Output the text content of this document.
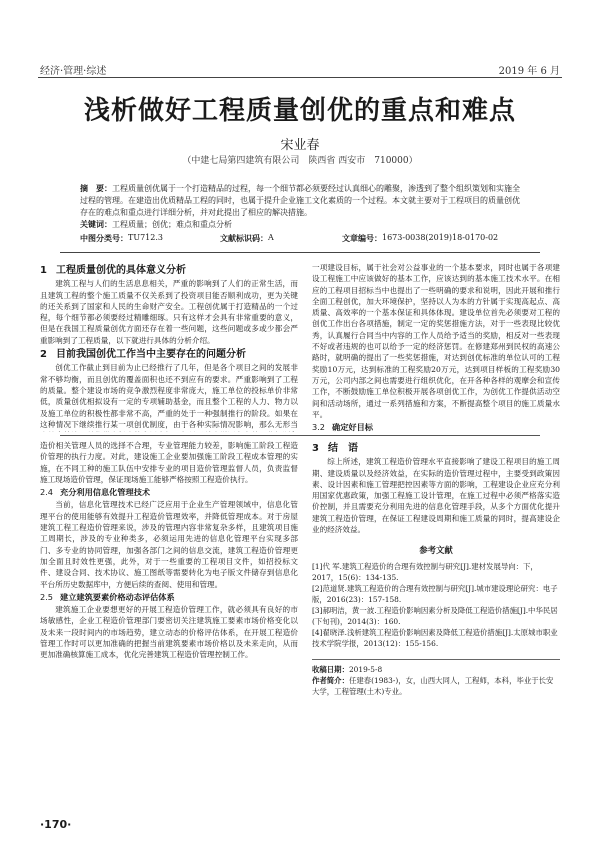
经济·管理·综述	2019 年 6 月
浅析做好工程质量创优的重点和难点
宋业春
（中建七局第四建筑有限公司　陕西省 西安市　710000）
摘　要：工程质量创优属于一个打造精品的过程，每一个细节都必须要经过认真细心的雕聚，渗透到了整个组织策划和实施全过程的管理。在建造出优质精品工程的同时，也属于提升企业施工文化素质的一个过程。本文就主要对于工程项目的质量创优存在的难点和重点进行详细分析，并对此提出了相应的解决措施。
关键词：工程质量；创优；难点和重点分析
中图分类号： TU712.3	文献标识码： A	文章编号： 1673-0038(2019)18-0170-02
1 工程质量创优的具体意义分析

建筑工程与人们的生活息息相关，严重的影响到了人们的正常生活，而且建筑工程的整个施工质量不仅关系到了投资项目能否顺利成功，更为关键的还关系到了国家和人民的生命财产安全。工程创优属于打造精品的一个过程，每个细节都必须要经过精雕细琢。只有这样才会具有非常重要的意义，但是在我国工程质量创优方面还存在着一些问题，这些问题或多或少都会严重影响到了工程质量，以下就进行具体的分析介绍。

2 目前我国创优工作当中主要存在的问题分析

创优工作截止到目前为止已经推行了几年，但是各个项目之间的发展非常不够均衡，而且创优的覆盖面积也还不到应有的要求。严重影响到了工程的质量。整个建设市场的竞争激烈程度非常庞大，施工单位的投标单价非常低，质量创优相拟设有一定的专项辅助基金，而且整个工程的人力、物力以及施工单位的积极性都非常不高，严重的处于一种强制推行的阶段。如果在这种情况下继续推行某一项创优制度，由于各种实际情况影响，那么无形当

一项建设目标，属于社会对公益事业的一个基本要求，同时也属于各项建设工程施工中应该做好的基本工作，应该达到的基本施工技术水平。在相应的工程项目招标当中也提出了一些明确的要求和说明，因此开展和推行全面工程创优，加大环境保护，坚持以人为本的方针属于实现高起点、高质量、高效率的一个基本保证和具体体现。建设单位首先必须要对工程的创优工作出台各项措施，制定一定的奖惩措施方法，对于一些表现比较优秀，认真履行合同当中内容的工作人员给予适当的奖励，相反对一些表现不好或者违规的也可以给予一定的经济惩罚。在修建郑州到民权的高速公路时，就明确的提出了一些奖惩措施，对达到创优标准的单位认可的工程奖励10万元，达到标准的工程奖励20万元，达到项目样板的工程奖励30万元，公司内部之间也需要进行组织优化，在开各种各样的观摩会和宣传工作，不断鼓励施工单位积极开展各项创优工作，为创优工作提供活动空间和活动场所，通过一系列措施和方案，不断提高整个项目的施工质量水平。

3.2 确定好目标

造价相关管理人员的选择不合理，专业管理能力较差，影响施工阶段工程造价管理的执行力度。对此，建设施工企业要加强施工阶段工程成本管理的实施，在不同工种的施工队伍中安排专业的项目造价管理监督人员，负责监督施工现场造价管理，保证现场施工能够严格按照工程造价执行。

2.4 充分利用信息化管理技术

当前，信息化管理技术已经广泛应用于企业生产管理领域中，信息化管理平台的使用能够有效提升工程造价管理效率，并降低管理成本。对于房屋建筑工程工程造价管理来说，涉及的管理内容非常复杂多样，且建筑项目施工周期长，涉及的专业种类多，必须运用先进的信息化管理平台实现多部门、多专业的协同管理，加强各部门之间的信息交流，建筑工程造价管理更加全面且时效性更强，此外，对于一些重要的工程项目文件，如招投标文件、建设合同、技术协议、施工图纸等需要转化为电子版文件储存到信息化平台所历史数据库中，方便后续的查阅、使用和管理。

2.5 建立建筑要素价格动态评估体系

建筑施工企业要想更好的开展工程造价管理工作，就必须具有良好的市场敏感性，企业工程造价管理部门要密切关注建筑施工要素市场价格变化以及未来一段时间内的市场趋势，建立动态的价格评估体系，在开展工程造价管理工作时可以更加准确的把握当前建筑要素市场价格以及未来走向，从而更加准确核算施工成本，优化完善建筑工程造价管理控制工作。

3 结　语

综上所述，建筑工程造价管理水平直接影响了建设工程项目的施工周期、建设质量以及经济效益，在实际的造价管理过程中，主要受到政策因素、设计因素和施工管理把控因素等方面的影响，工程建设企业应充分利用国家优惠政策，加强工程施工设计管理，在施工过程中必须严格落实造价控制，并且需要充分利用先进的信息化管理手段，从多个方面优化提升建筑工程造价管理，在保证工程建设周期和施工质量的同时，提高建设企业的经济效益。

参考文献
[1]代 军.建筑工程造价的合理有效控制与研究[J].建材发展导向：下，2017，15(6)：134-135.
[2]范道贤.建筑工程造价的合理有效控制与研究[J].城市建设理论研究：电子版，2016(23)：157-158.
[3]郝明洁，黄一波.工程造价影响因素分析及降低工程造价措施[J].中华民居(下旬刊)，2014(3)：160.
[4]翟晓泽.浅析建筑工程造价影响因素及降低工程造价措施[J].太原城市职业技术学院学报，2013(12)：155-156.
收稿日期：2019-5-8
作者简介：任建春(1983-)，女，山西大同人，工程师，本科，毕业于长安大学，工程管理(土木)专业。
·170·
